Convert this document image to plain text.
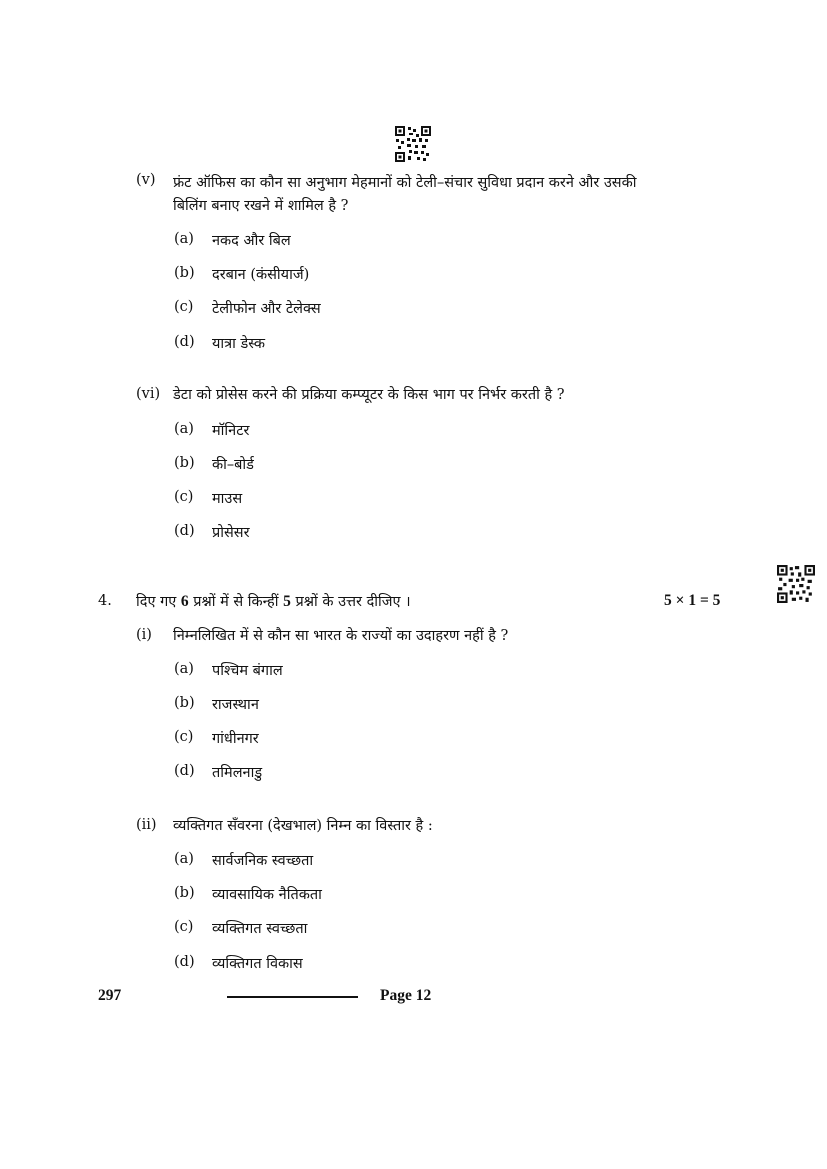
(v) फ्रंट ऑफिस का कौन सा अनुभाग मेहमानों को टेली–संचार सुविधा प्रदान करने और उसकी
बिलिंग बनाए रखने में शामिल है ?
(a) नकद और बिल
(b) दरबान (कंसीयार्ज)
(c) टेलीफोन और टेलेक्स
(d) यात्रा डेस्क
(vi) डेटा को प्रोसेस करने की प्रक्रिया कम्प्यूटर के किस भाग पर निर्भर करती है ?
(a) मॉनिटर
(b) की–बोर्ड
(c) माउस
(d) प्रोसेसर
4. दिए गए 6 प्रश्नों में से किन्हीं 5 प्रश्नों के उत्तर दीजिए ।	5 × 1 = 5
(i) निम्नलिखित में से कौन सा भारत के राज्यों का उदाहरण नहीं है ?
(a) पश्चिम बंगाल
(b) राजस्थान
(c) गांधीनगर
(d) तमिलनाडु
(ii) व्यक्तिगत सँवरना (देखभाल) निम्न का विस्तार है :
(a) सार्वजनिक स्वच्छता
(b) व्यावसायिक नैतिकता
(c) व्यक्तिगत स्वच्छता
(d) व्यक्तिगत विकास
297	Page 12
